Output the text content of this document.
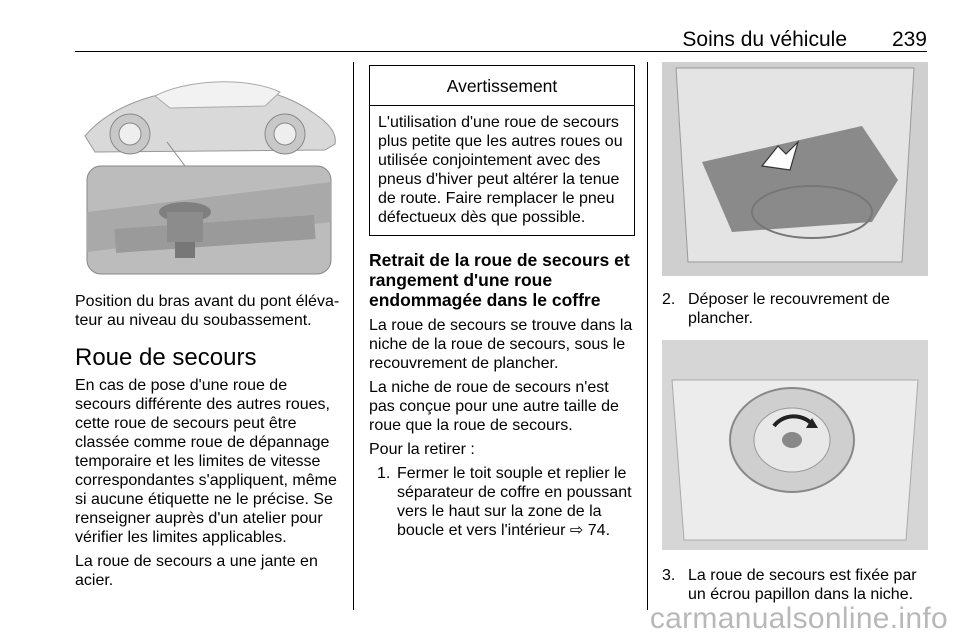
Soins du véhicule 239

Position du bras avant du pont élévateur au niveau du soubassement.

Roue de secours

En cas de pose d'une roue de secours différente des autres roues, cette roue de secours peut être classée comme roue de dépannage temporaire et les limites de vitesse correspondantes s'appliquent, même si aucune étiquette ne le précise. Se renseigner auprès d'un atelier pour vérifier les limites applicables.

La roue de secours a une jante en acier.

Avertissement
L'utilisation d'une roue de secours plus petite que les autres roues ou utilisée conjointement avec des pneus d'hiver peut altérer la tenue de route. Faire remplacer le pneu défectueux dès que possible.
Retrait de la roue de secours et rangement d'une roue endommagée dans le coffre

La roue de secours se trouve dans la niche de la roue de secours, sous le recouvrement de plancher.

La niche de roue de secours n'est pas conçue pour une autre taille de roue que la roue de secours.

Pour la retirer :

1. Fermer le toit souple et replier le séparateur de coffre en poussant vers le haut sur la zone de la boucle et vers l'intérieur ⇨ 74.
2. Déposer le recouvrement de plancher.
3. La roue de secours est fixée par un écrou papillon dans la niche.
carmanualsonline.info
